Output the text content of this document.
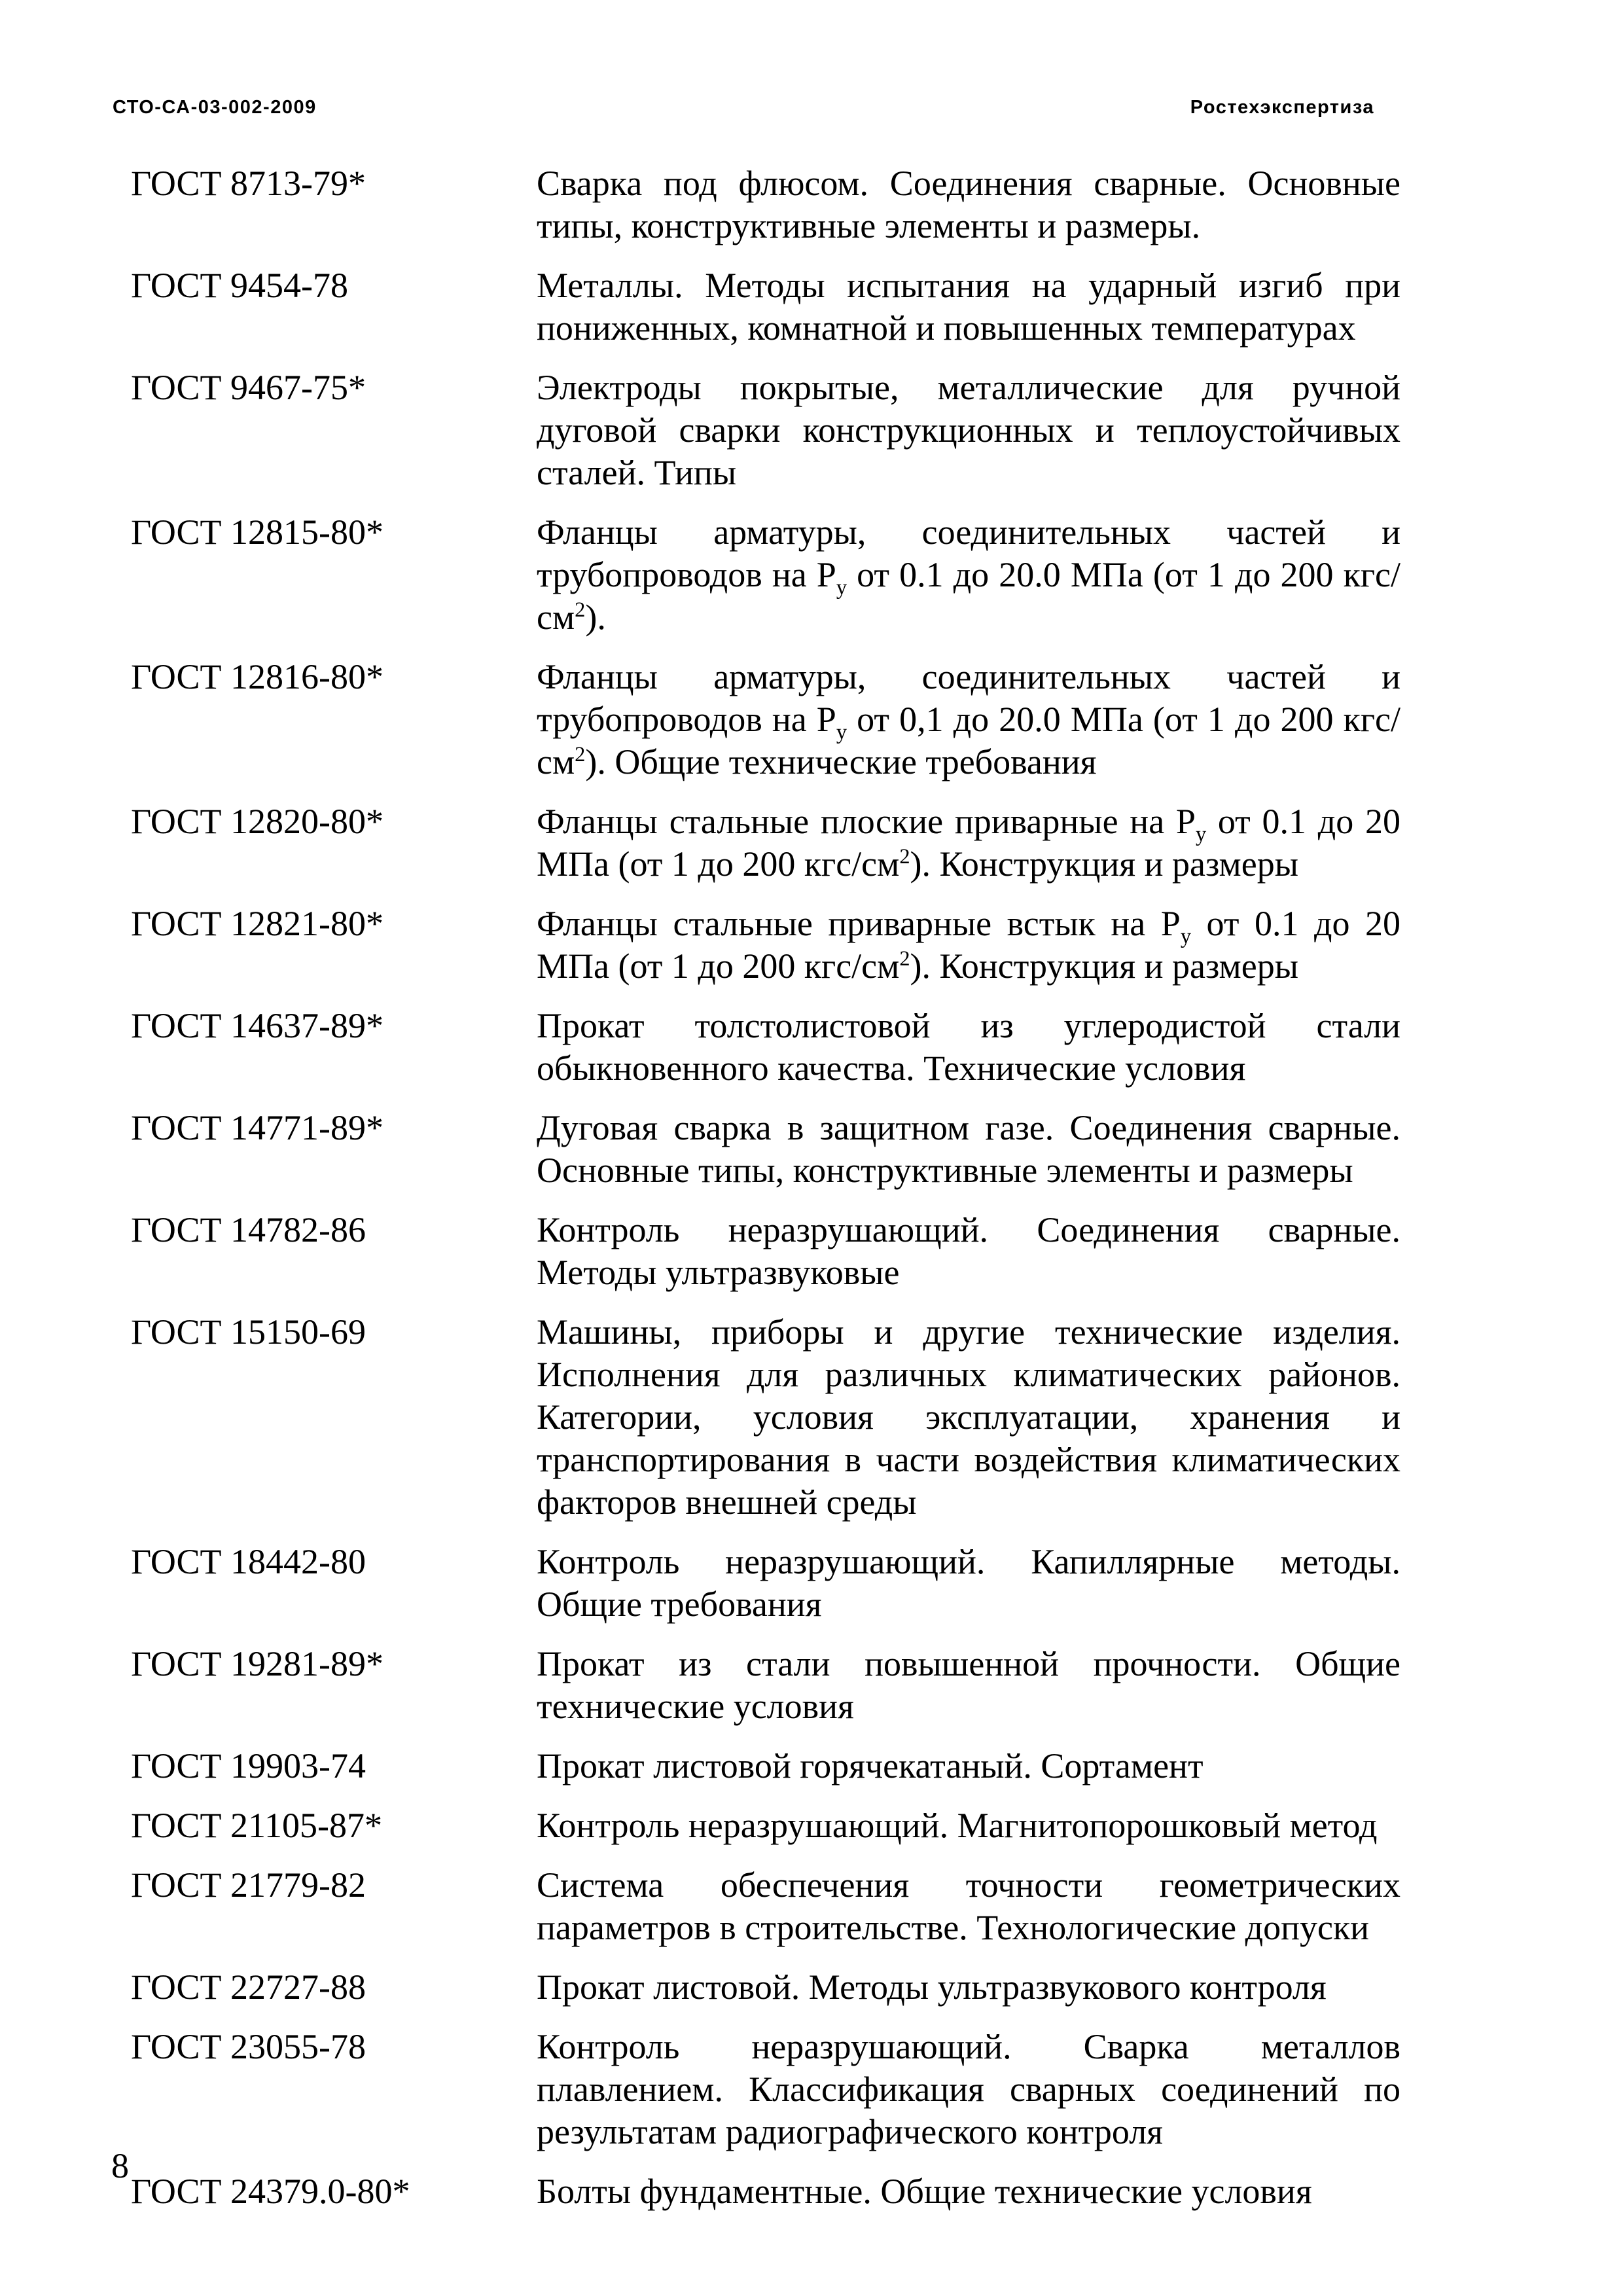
СТО-СА-03-002-2009	Ростехэкспертиза
ГОСТ 8713-79*	Сварка под флюсом. Соединения сварные. Основные типы, конструктивные элементы и размеры.
ГОСТ 9454-78	Металлы. Методы испытания на ударный изгиб при пониженных, комнатной и повышенных температурах
ГОСТ 9467-75*	Электроды покрытые, металлические для ручной дуговой сварки конструкционных и теплоустойчивых сталей. Типы
ГОСТ 12815-80*	Фланцы арматуры, соединительных частей и трубопроводов на $P_y$ от 0.1 до 20.0 МПа (от 1 до 200 кгс/$см^2$).
ГОСТ 12816-80*	Фланцы арматуры, соединительных частей и трубопроводов на $P_y$ от 0,1 до 20.0 МПа (от 1 до 200 кгс/$см^2$). Общие технические требования
ГОСТ 12820-80*	Фланцы стальные плоские приварные на $P_y$ от 0.1 до 20 МПа (от 1 до 200 кгс/$см^2$). Конструкция и размеры
ГОСТ 12821-80*	Фланцы стальные приварные встык на $P_y$ от 0.1 до 20 МПа (от 1 до 200 кгс/$см^2$). Конструкция и размеры
ГОСТ 14637-89*	Прокат толстолистовой из углеродистой стали обыкновенного качества. Технические условия
ГОСТ 14771-89*	Дуговая сварка в защитном газе. Соединения сварные. Основные типы, конструктивные элементы и размеры
ГОСТ 14782-86	Контроль неразрушающий. Соединения сварные. Методы ультразвуковые
ГОСТ 15150-69	Машины, приборы и другие технические изделия. Исполнения для различных климатических районов. Категории, условия эксплуатации, хранения и транспортирования в части воздействия климатических факторов внешней среды
ГОСТ 18442-80	Контроль неразрушающий. Капиллярные методы. Общие требования
ГОСТ 19281-89*	Прокат из стали повышенной прочности. Общие технические условия
ГОСТ 19903-74	Прокат листовой горячекатаный. Сортамент
ГОСТ 21105-87*	Контроль неразрушающий. Магнитопорошковый метод
ГОСТ 21779-82	Система обеспечения точности геометрических параметров в строительстве. Технологические допуски
ГОСТ 22727-88	Прокат листовой. Методы ультразвукового контроля
ГОСТ 23055-78	Контроль неразрушающий. Сварка металлов плавлением. Классификация сварных соединений по результатам радиографического контроля
ГОСТ 24379.0-80*	Болты фундаментные. Общие технические условия
8
